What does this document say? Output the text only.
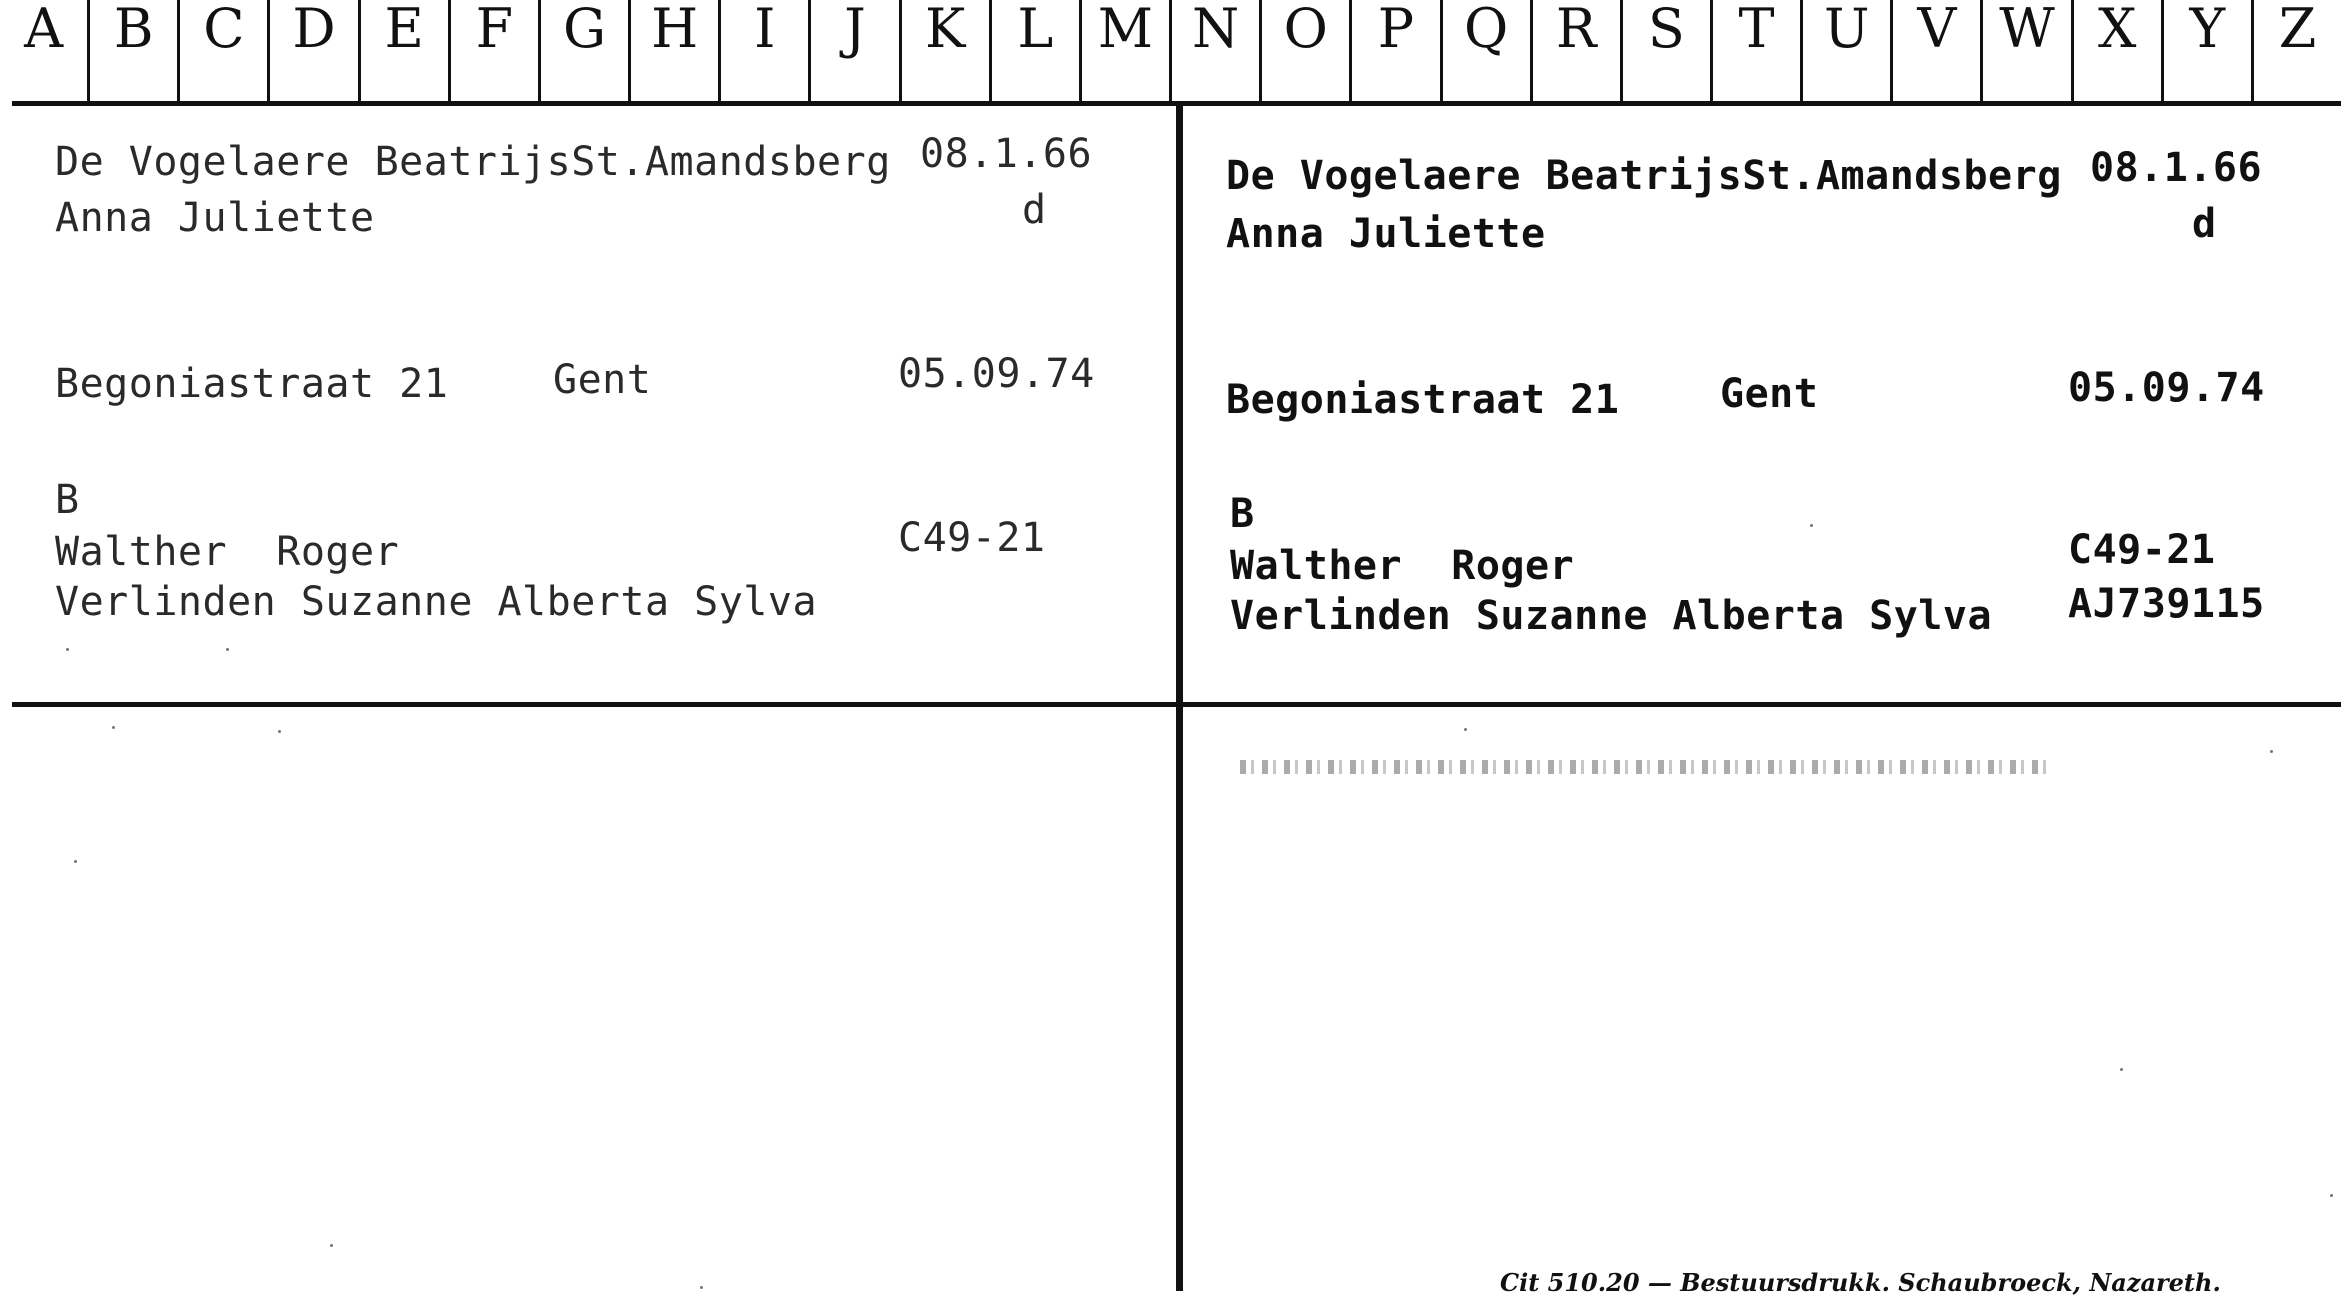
A B C D E F G H	I	J	K L M N O P Q R S T U V W X Y Z
De Vogelaere BeatrijsSt.Amandsberg 08.1.66
Anna Juliette	d
Begoniastraat 21	Gent	05.09.74
B
Walther  Roger	C49-21
Verlinden Suzanne Alberta Sylva
De Vogelaere BeatrijsSt.Amandsberg 08.1.66
Anna Juliette	d
Begoniastraat 21	Gent	05.09.74
B
Walther  Roger	C49-21
Verlinden Suzanne Alberta Sylva AJ739115
Cit 510.20 — Bestuursdrukk. Schaubroeck, Nazareth.
